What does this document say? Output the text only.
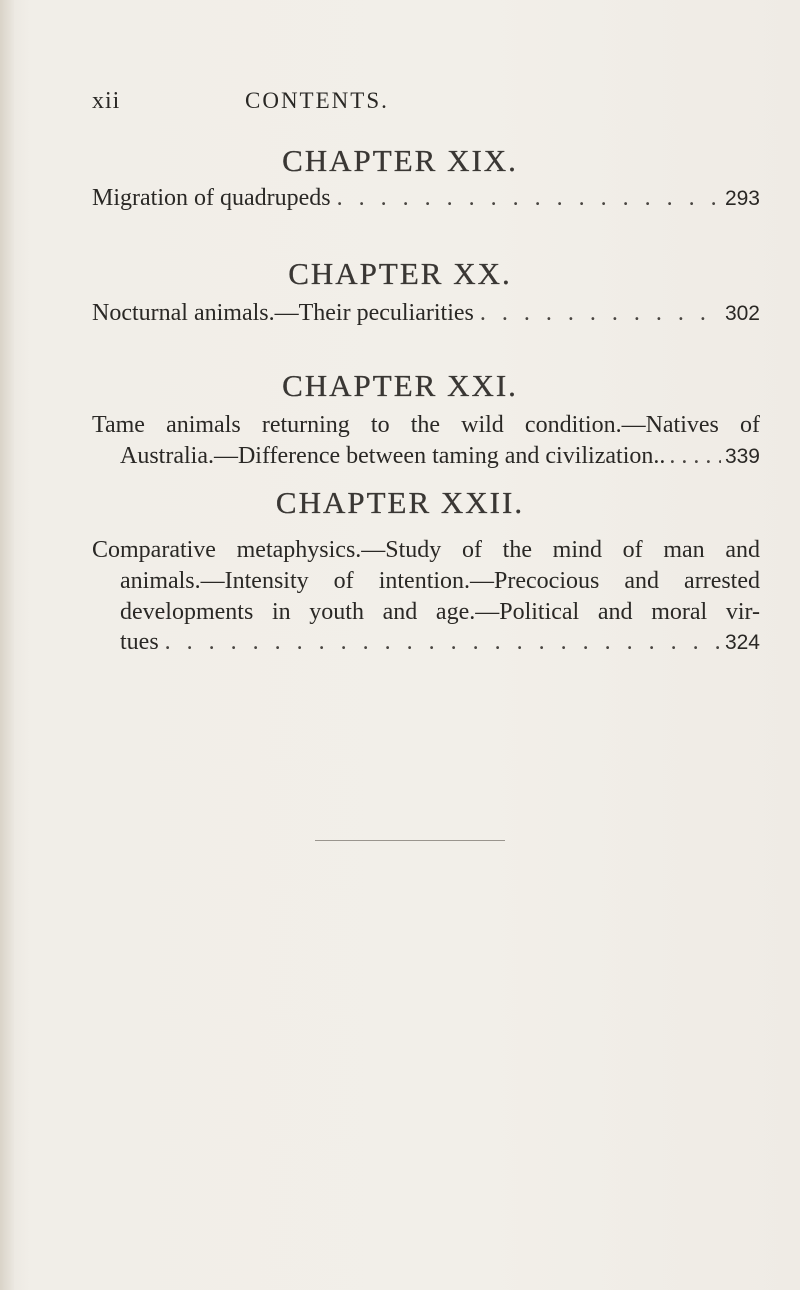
xii	CONTENTS.
CHAPTER XIX.
Migration of quadrupeds . . .	293
CHAPTER XX.
Nocturnal animals.—Their peculiarities . . .	302
CHAPTER XXI.
Tame animals returning to the wild condition.—Natives of
Australia.—Difference between taming and civilization.. . . .	339
CHAPTER XXII.
Comparative metaphysics.—Study of the mind of man and
animals.—Intensity of intention.—Precocious and arrested
developments in youth and age.—Political and moral vir-
tues . . .	324
